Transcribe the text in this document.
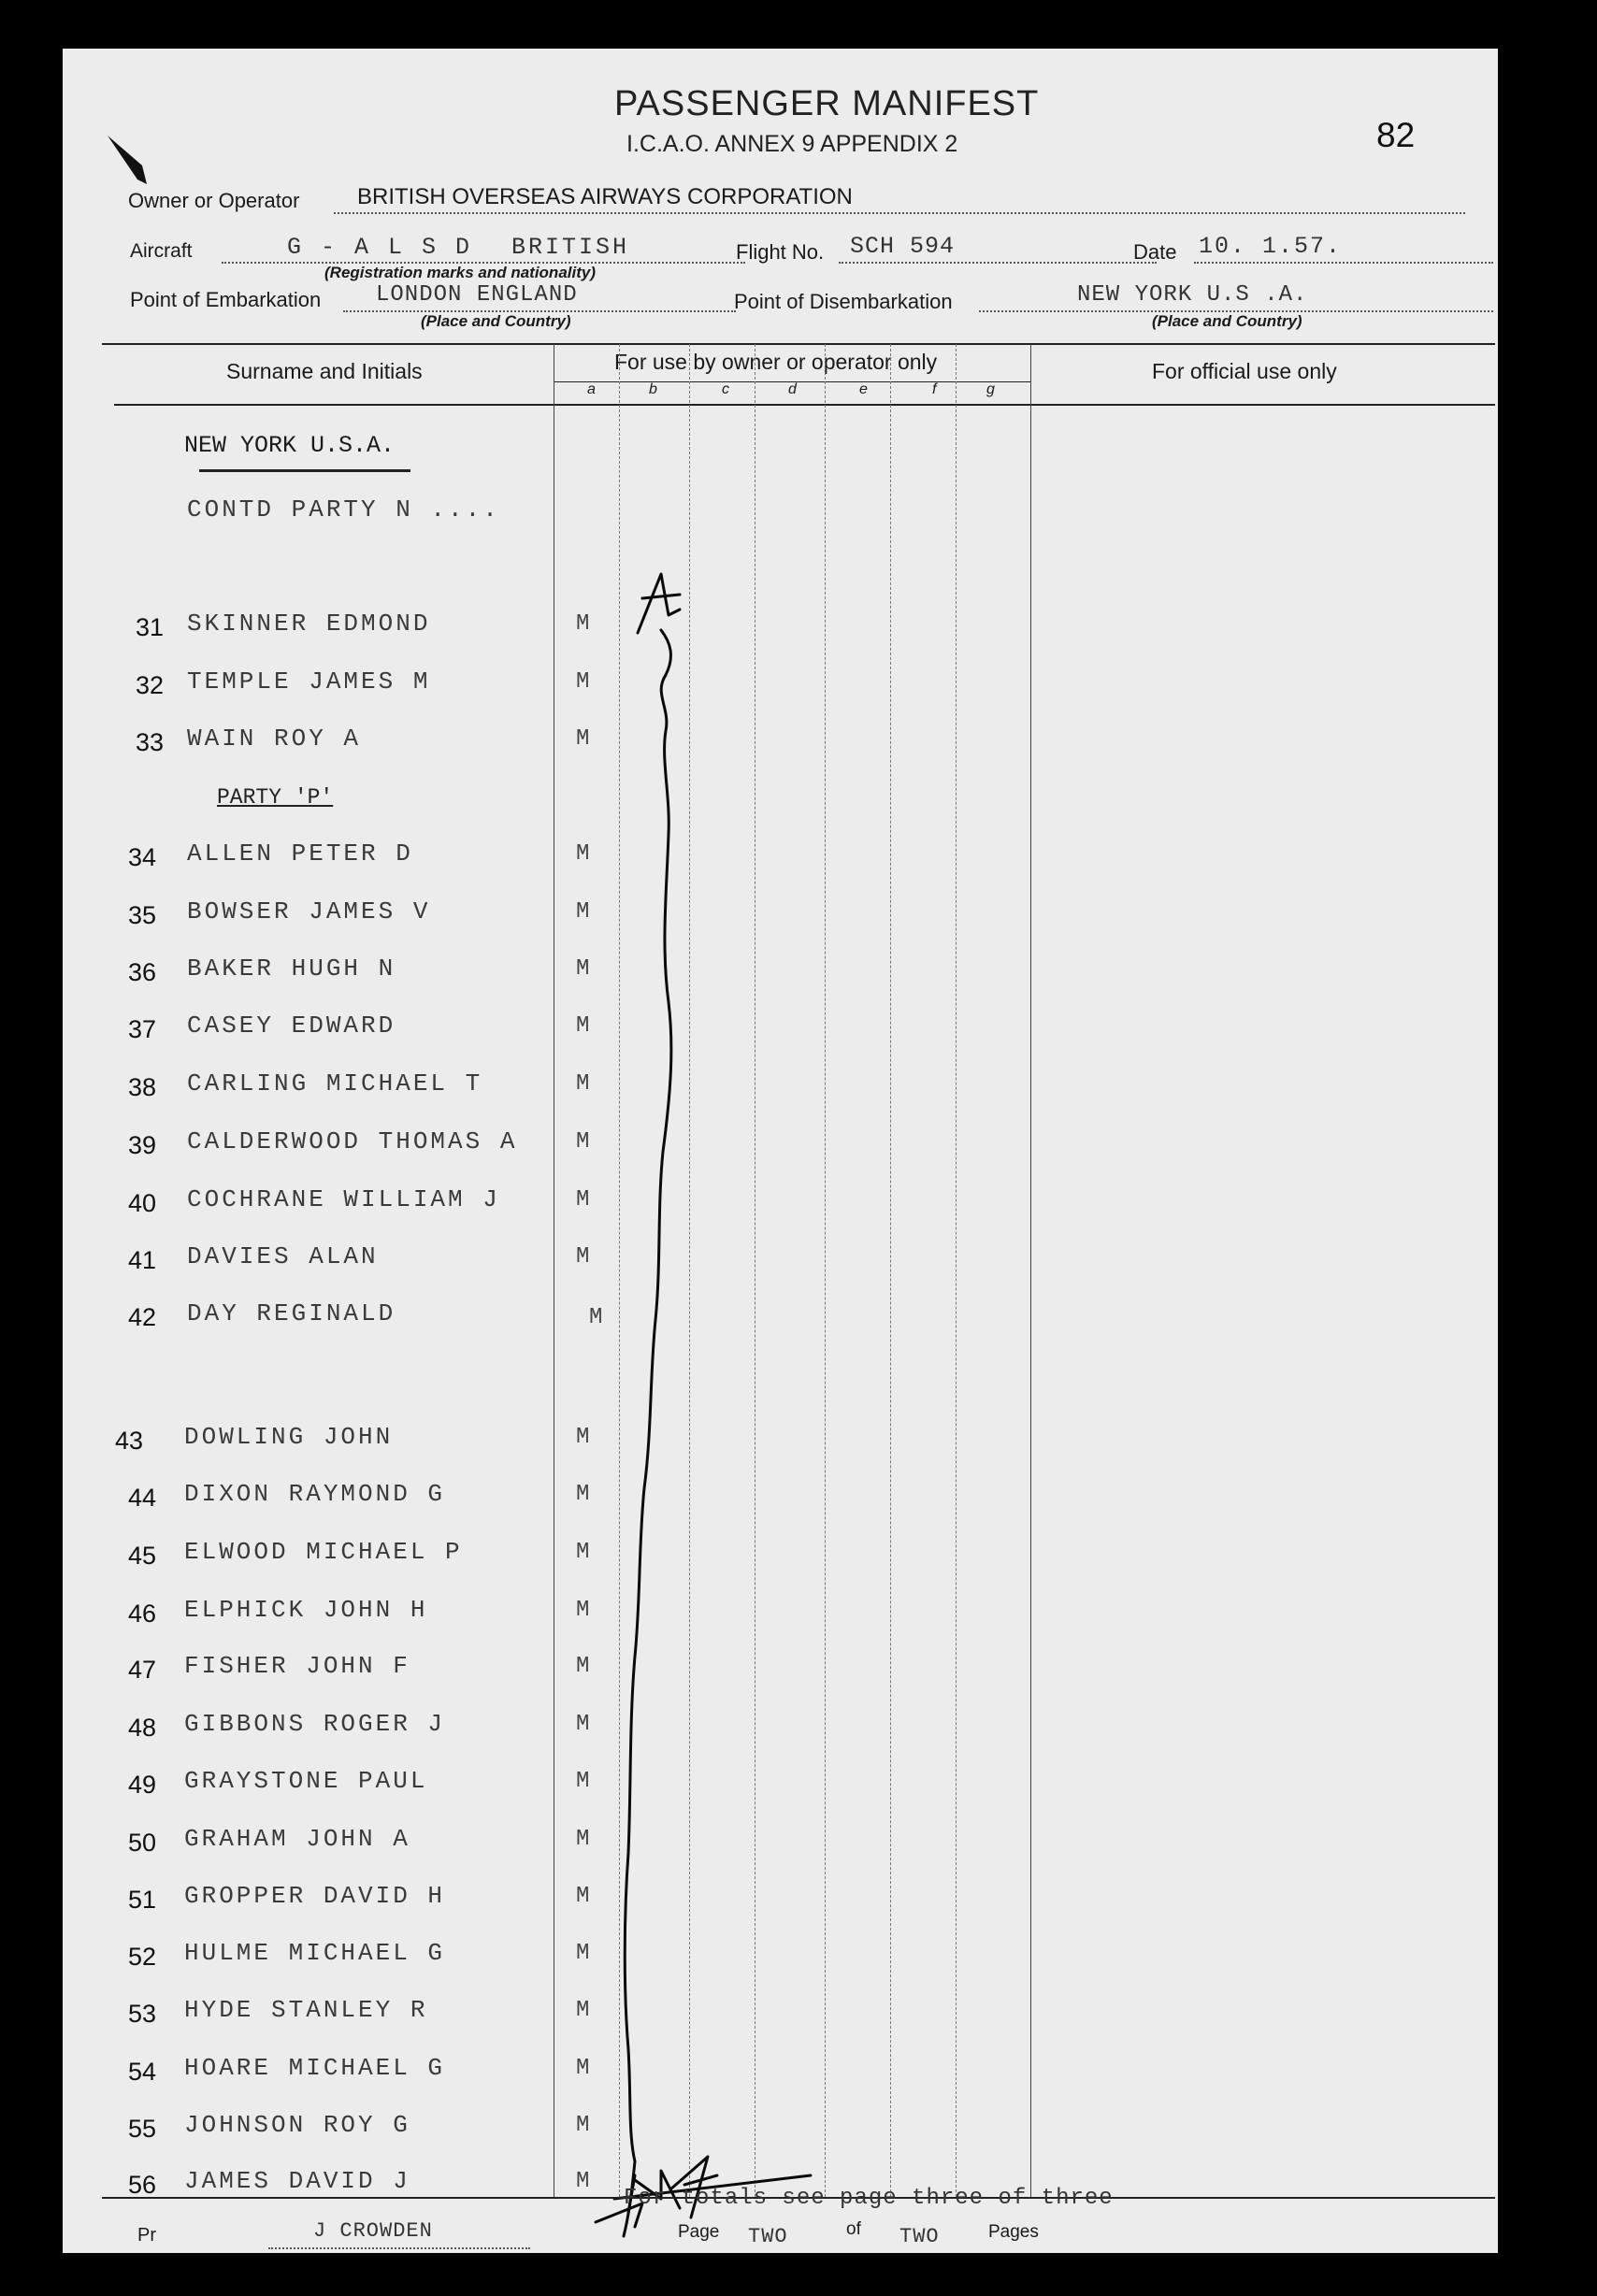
PASSENGER MANIFEST
I.C.A.O. ANNEX 9 APPENDIX 2	82
Owner or Operator	BRITISH OVERSEAS AIRWAYS CORPORATION
Aircraft	G - A L S D BRITISH
(Registration marks and nationality)
Flight No. SCH 594	Date 10. 1.57.
Point of Embarkation LONDON ENGLAND
(Place and Country)
Point of Disembarkation	NEW YORK U.S .A.
(Place and Country)
Surname and Initials	For use by owner or operator only	For official use only
a	b	c	d	e	f	g
NEW YORK U.S.A.
CONTD PARTY N ....
PARTY 'P'
31 SKINNER EDMOND	M
32 TEMPLE JAMES M	M
33 WAIN ROY A	M
34 ALLEN PETER D	M
35 BOWSER JAMES V	M
36 BAKER HUGH N	M
37 CASEY EDWARD	M
38 CARLING MICHAEL T	M
39 CALDERWOOD THOMAS A	M
40 COCHRANE WILLIAM J	M
41 DAVIES ALAN	M
42 DAY REGINALD	M
43 DOWLING JOHN	M
44 DIXON RAYMOND G	M
45 ELWOOD MICHAEL P	M
46 ELPHICK JOHN H	M
47 FISHER JOHN F	M
48 GIBBONS ROGER J	M
49 GRAYSTONE PAUL	M
50 GRAHAM JOHN A	M
51 GROPPER DAVID H	M
52 HULME MICHAEL G	M
53 HYDE STANLEY R	M
54 HOARE MICHAEL G	M
55 JOHNSON ROY G	M
56 JAMES DAVID J	M
For totals see page three of three
Pr	J CROWDEN	Page TWO	of TWO	Pages
